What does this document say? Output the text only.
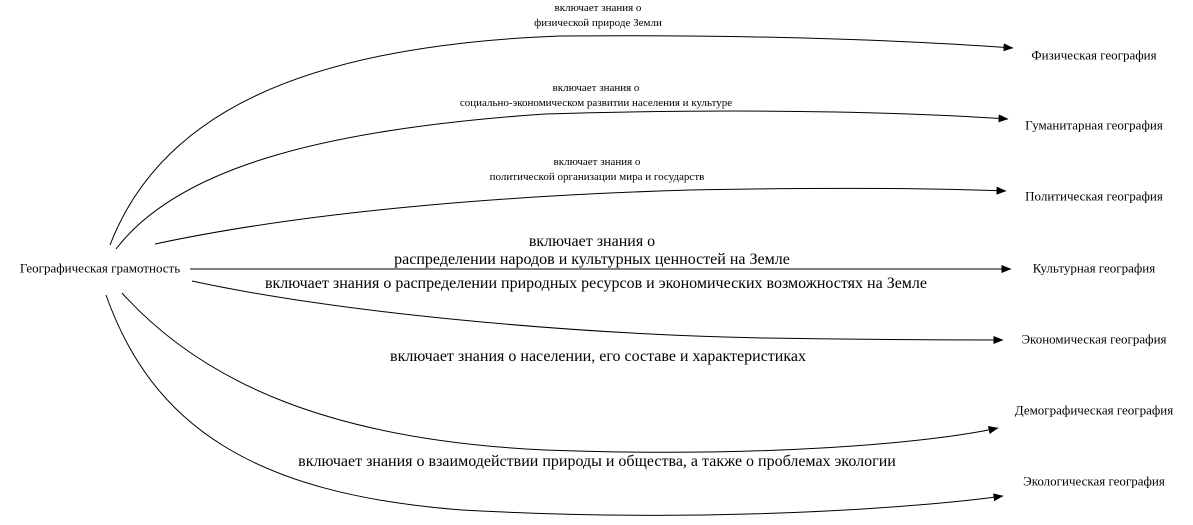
Географическая грамотность
включает знания о
физической природе Земли
включает знания о
социально-экономическом развитии населения и культуре
включает знания о
политической организации мира и государств
включает знания о
распределении народов и культурных ценностей на Земле
включает знания о распределении природных ресурсов и экономических возможностях на Земле
включает знания о населении, его составе и характеристиках
включает знания о взаимодействии природы и общества, а также о проблемах экологии
Физическая география
Гуманитарная география
Политическая география
Культурная география
Экономическая география
Демографическая география
Экологическая география
